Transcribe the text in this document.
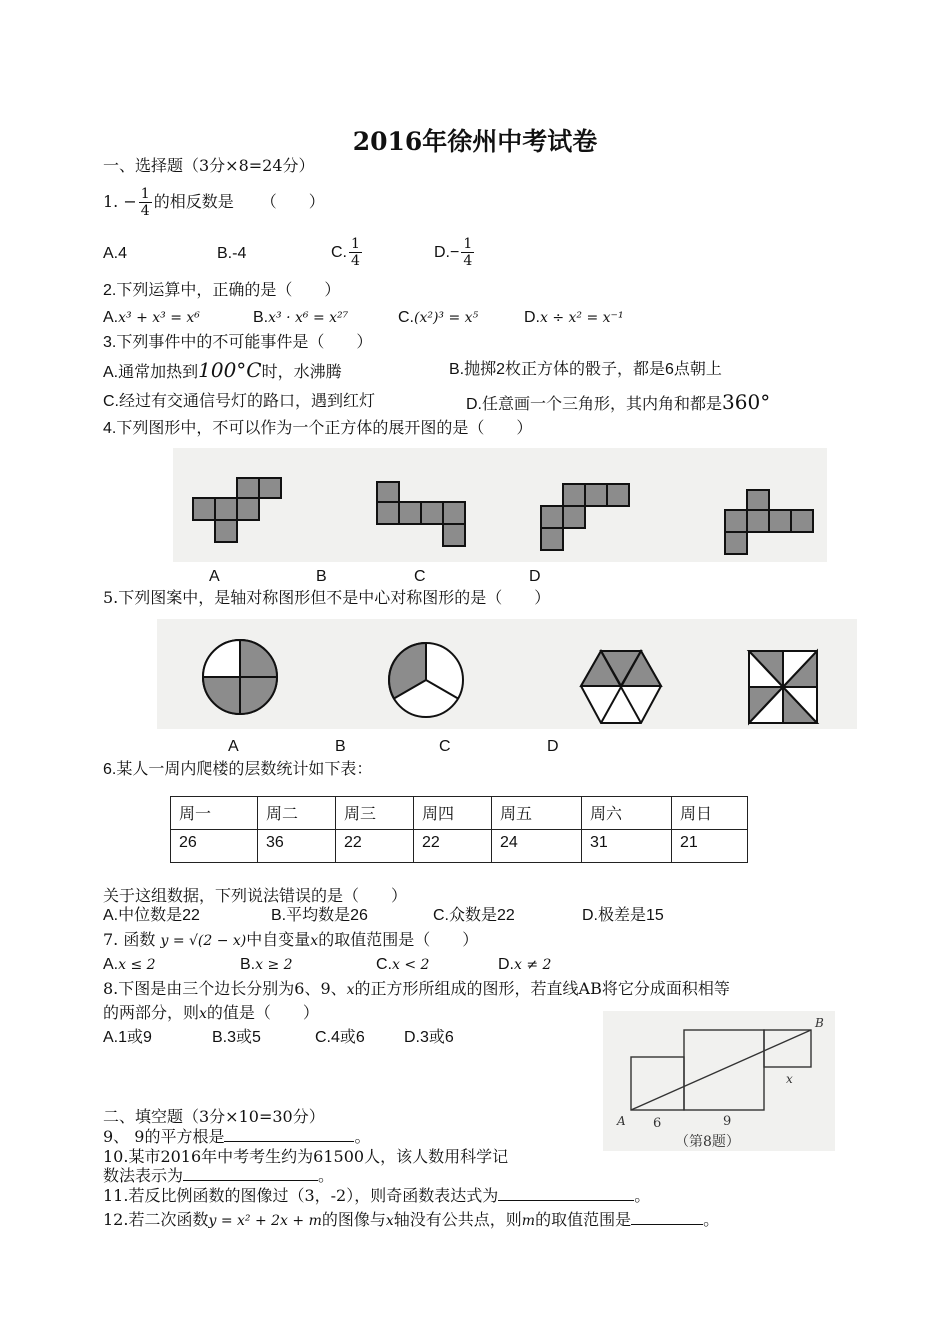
2016年徐州中考试卷
一、选择题（3分×8=24分）
1. − $\frac{1}{4}$ 的相反数是 （　　）
A.4	B.-4	C. $\frac{1}{4}$	$D.- \frac{1}{4}$
2.下列运算中，正确的是（　　）
A.x³ + x³ = x⁶	B.x³ · x⁶ = x²⁷	C.(x²)³ = x⁵	D.x ÷ x² = x⁻¹
3.下列事件中的不可能事件是（　　）
A.通常加热到100°C时，水沸腾	B.抛掷2枚正方体的骰子，都是6点朝上
C.经过有交通信号灯的路口，遇到红灯	D.任意画一个三角形，其内角和都是360°
4.下列图形中，不可以作为一个正方体的展开图的是（　　）
A	B	C	D
5.下列图案中，是轴对称图形但不是中心对称图形的是（　　）
A	B	C	D
6.某人一周内爬楼的层数统计如下表：
周一	周二	周三	周四	周五	周六	周日
26	36	22	22	24	31	21
关于这组数据，下列说法错误的是（　　）
A.中位数是22	B.平均数是26	C.众数是22	D.极差是15
7. 函数 y = √(2 − x)中自变量x的取值范围是（　　）
A.x ≤ 2	B.x ≥ 2	C.x < 2	D.x ≠ 2
8.下图是由三个边长分别为6、9、x的正方形所组成的图形，若直线AB将它分成面积相等
的两部分，则x的值是（　　）
A.1或9	B.3或5	C.4或6 D.3或6
B
A
x
6	9
（第8题）
二、填空题（3分×10=30分）
9、 9的平方根是	。
10.某市2016年中考考生约为61500人，该人数用科学记
数法表示为	。
11.若反比例函数的图像过（3，-2），则奇函数表达式为	。
12.若二次函数y = x² + 2x + m的图像与x轴没有公共点，则m的取值范围是	。
